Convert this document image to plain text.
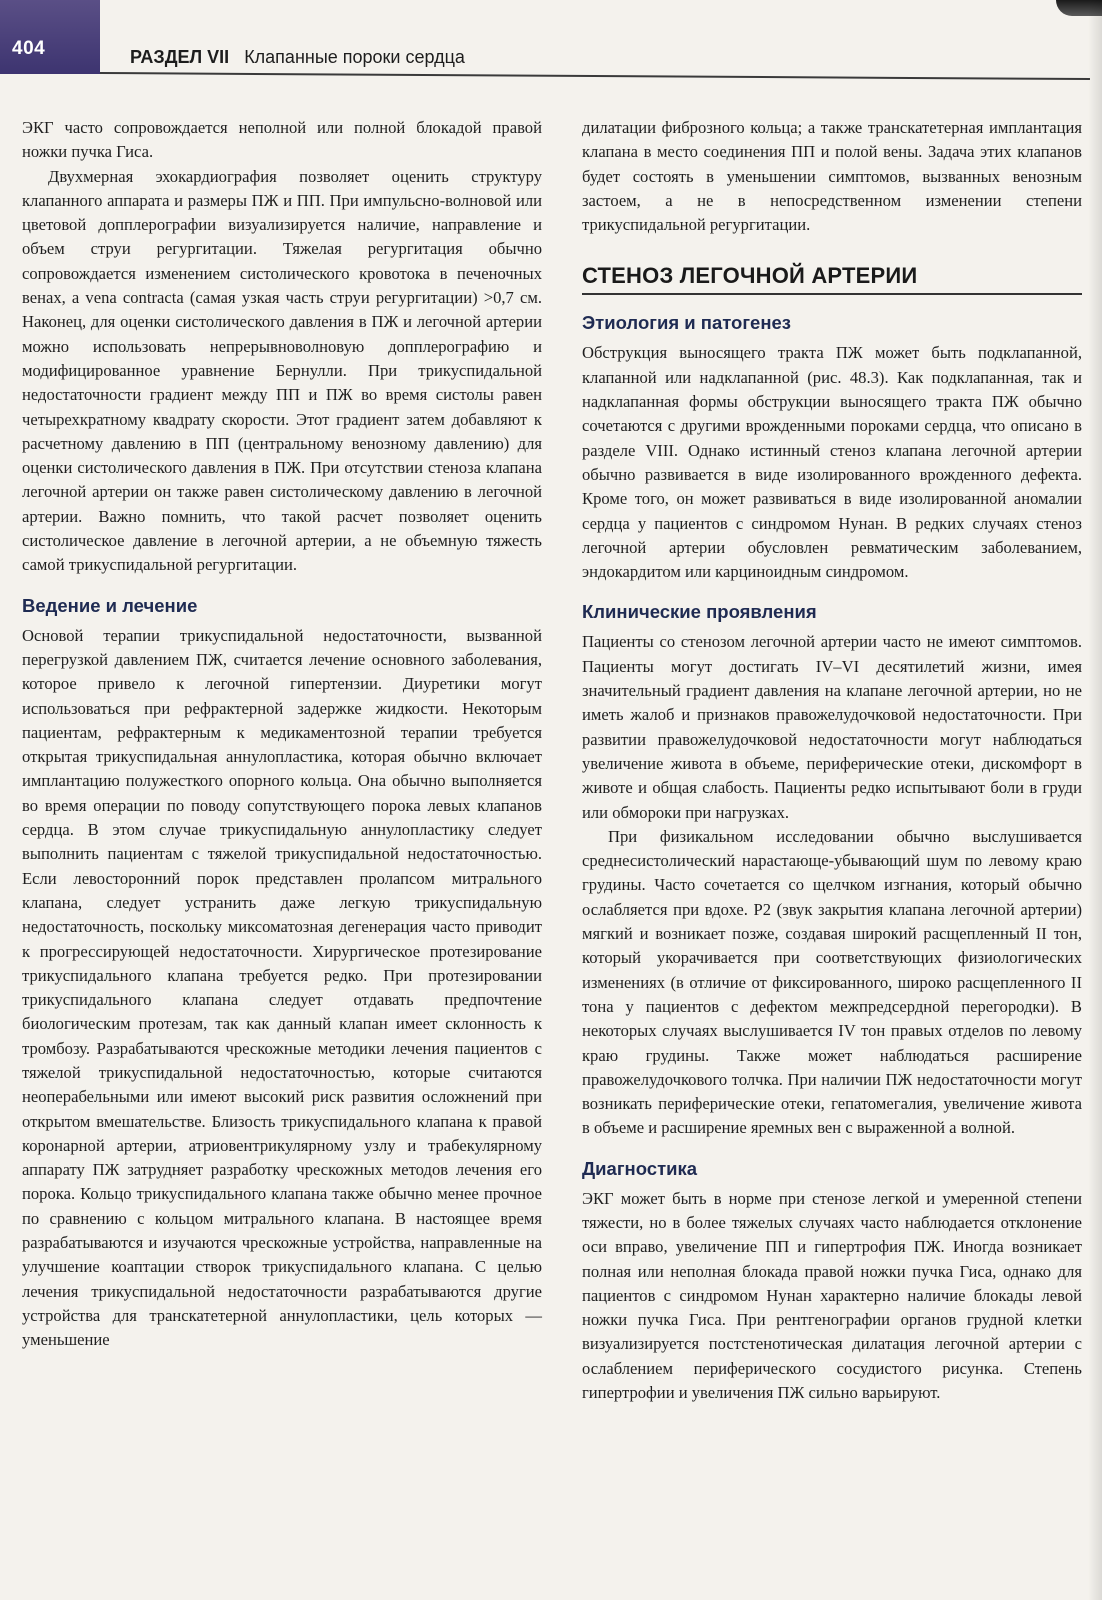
404	РАЗДЕЛ VII Клапанные пороки сердца

ЭКГ часто сопровождается неполной или полной блокадой правой ножки пучка Гиса.

Двухмерная эхокардиография позволяет оценить структуру клапанного аппарата и размеры ПЖ и ПП. При импульсно-волновой или цветовой допплерографии визуализируется наличие, направление и объем струи регургитации. Тяжелая регургитация обычно сопровождается изменением систолического кровотока в печеночных венах, а vena contracta (самая узкая часть струи регургитации) >0,7 см. Наконец, для оценки систолического давления в ПЖ и легочной артерии можно использовать непрерывноволновую допплерографию и модифицированное уравнение Бернулли. При трикуспидальной недостаточности градиент между ПП и ПЖ во время систолы равен четырехкратному квадрату скорости. Этот градиент затем добавляют к расчетному давлению в ПП (центральному венозному давлению) для оценки систолического давления в ПЖ. При отсутствии стеноза клапана легочной артерии он также равен систолическому давлению в легочной артерии. Важно помнить, что такой расчет позволяет оценить систолическое давление в легочной артерии, а не объемную тяжесть самой трикуспидальной регургитации.

Ведение и лечение

Основой терапии трикуспидальной недостаточности, вызванной перегрузкой давлением ПЖ, считается лечение основного заболевания, которое привело к легочной гипертензии. Диуретики могут использоваться при рефрактерной задержке жидкости. Некоторым пациентам, рефрактерным к медикаментозной терапии требуется открытая трикуспидальная аннулопластика, которая обычно включает имплантацию полужесткого опорного кольца. Она обычно выполняется во время операции по поводу сопутствующего порока левых клапанов сердца. В этом случае трикуспидальную аннулопластику следует выполнить пациентам с тяжелой трикуспидальной недостаточностью. Если левосторонний порок представлен пролапсом митрального клапана, следует устранить даже легкую трикуспидальную недостаточность, поскольку миксоматозная дегенерация часто приводит к прогрессирующей недостаточности. Хирургическое протезирование трикуспидального клапана требуется редко. При протезировании трикуспидального клапана следует отдавать предпочтение биологическим протезам, так как данный клапан имеет склонность к тромбозу. Разрабатываются чрескожные методики лечения пациентов с тяжелой трикуспидальной недостаточностью, которые считаются неоперабельными или имеют высокий риск развития осложнений при открытом вмешательстве. Близость трикуспидального клапана к правой коронарной артерии, атриовентрикулярному узлу и трабекулярному аппарату ПЖ затрудняет разработку чрескожных методов лечения его порока. Кольцо трикуспидального клапана также обычно менее прочное по сравнению с кольцом митрального клапана. В настоящее время разрабатываются и изучаются чрескожные устройства, направленные на улучшение коаптации створок трикуспидального клапана. С целью лечения трикуспидальной недостаточности разрабатываются другие устройства для транскатетерной аннулопластики, цель которых — уменьшение

дилатации фиброзного кольца; а также транскатетерная имплантация клапана в место соединения ПП и полой вены. Задача этих клапанов будет состоять в уменьшении симптомов, вызванных венозным застоем, а не в непосредственном изменении степени трикуспидальной регургитации.

СТЕНОЗ ЛЕГОЧНОЙ АРТЕРИИ
Этиология и патогенез

Обструкция выносящего тракта ПЖ может быть подклапанной, клапанной или надклапанной (рис. 48.3). Как подклапанная, так и надклапанная формы обструкции выносящего тракта ПЖ обычно сочетаются с другими врожденными пороками сердца, что описано в разделе VIII. Однако истинный стеноз клапана легочной артерии обычно развивается в виде изолированного врожденного дефекта. Кроме того, он может развиваться в виде изолированной аномалии сердца у пациентов с синдромом Нунан. В редких случаях стеноз легочной артерии обусловлен ревматическим заболеванием, эндокардитом или карциноидным синдромом.

Клинические проявления

Пациенты со стенозом легочной артерии часто не имеют симптомов. Пациенты могут достигать IV–VI десятилетий жизни, имея значительный градиент давления на клапане легочной артерии, но не иметь жалоб и признаков правожелудочковой недостаточности. При развитии правожелудочковой недостаточности могут наблюдаться увеличение живота в объеме, периферические отеки, дискомфорт в животе и общая слабость. Пациенты редко испытывают боли в груди или обмороки при нагрузках.

При физикальном исследовании обычно выслушивается среднесистолический нарастающе-убывающий шум по левому краю грудины. Часто сочетается со щелчком изгнания, который обычно ослабляется при вдохе. P2 (звук закрытия клапана легочной артерии) мягкий и возникает позже, создавая широкий расщепленный II тон, который укорачивается при соответствующих физиологических изменениях (в отличие от фиксированного, широко расщепленного II тона у пациентов с дефектом межпредсердной перегородки). В некоторых случаях выслушивается IV тон правых отделов по левому краю грудины. Также может наблюдаться расширение правожелудочкового толчка. При наличии ПЖ недостаточности могут возникать периферические отеки, гепатомегалия, увеличение живота в объеме и расширение яремных вен с выраженной a волной.

Диагностика

ЭКГ может быть в норме при стенозе легкой и умеренной степени тяжести, но в более тяжелых случаях часто наблюдается отклонение оси вправо, увеличение ПП и гипертрофия ПЖ. Иногда возникает полная или неполная блокада правой ножки пучка Гиса, однако для пациентов с синдромом Нунан характерно наличие блокады левой ножки пучка Гиса. При рентгенографии органов грудной клетки визуализируется постстенотическая дилатация легочной артерии с ослаблением периферического сосудистого рисунка. Степень гипертрофии и увеличения ПЖ сильно варьируют.
